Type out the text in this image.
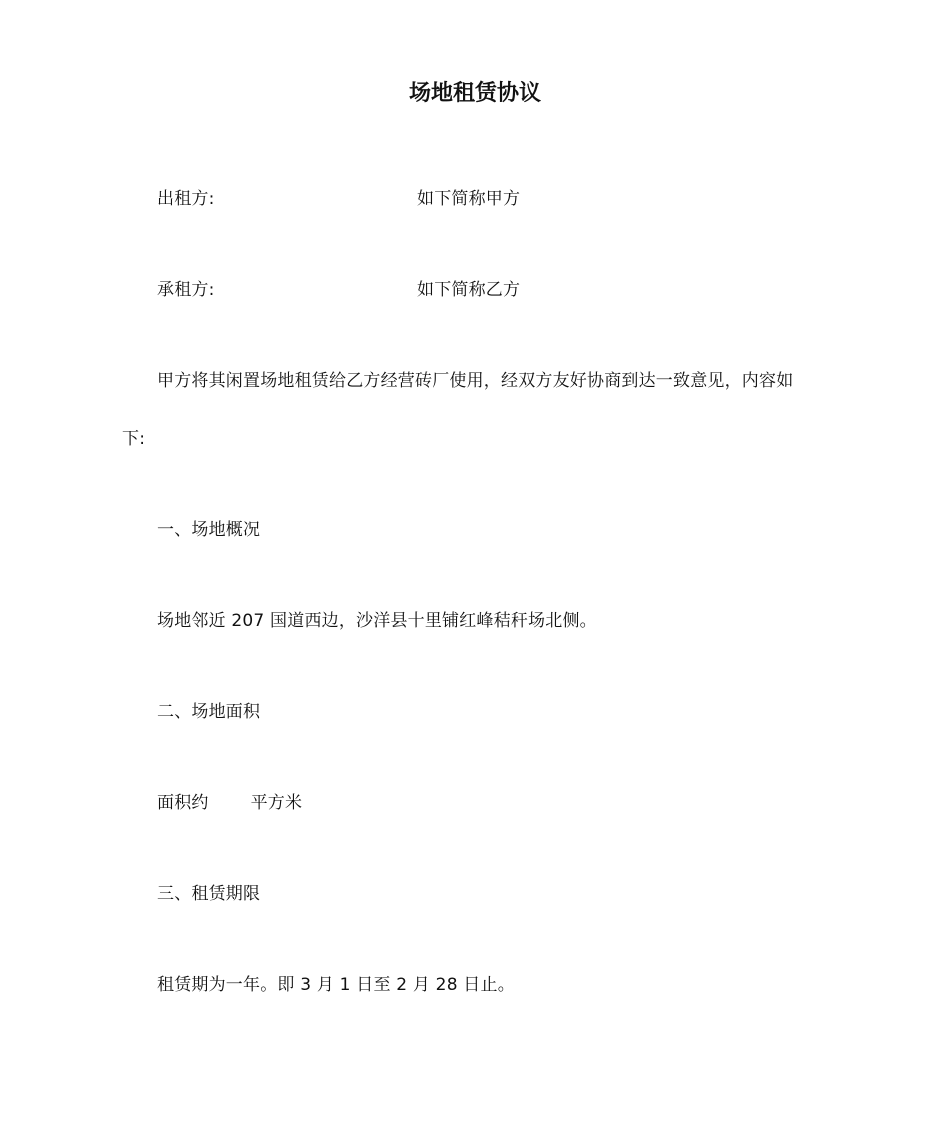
场地租赁协议
出租方:	如下简称甲方
承租方:	如下简称乙方
甲方将其闲置场地租赁给乙方经营砖厂使用，经双方友好协商到达一致意见，内容如
下:
一、场地概况
场地邻近 207 国道西边，沙洋县十里铺红峰秸秆场北侧。
二、场地面积
面积约 平方米
三、租赁期限
租赁期为一年。即 3 月 1 日至 2 月 28 日止。
